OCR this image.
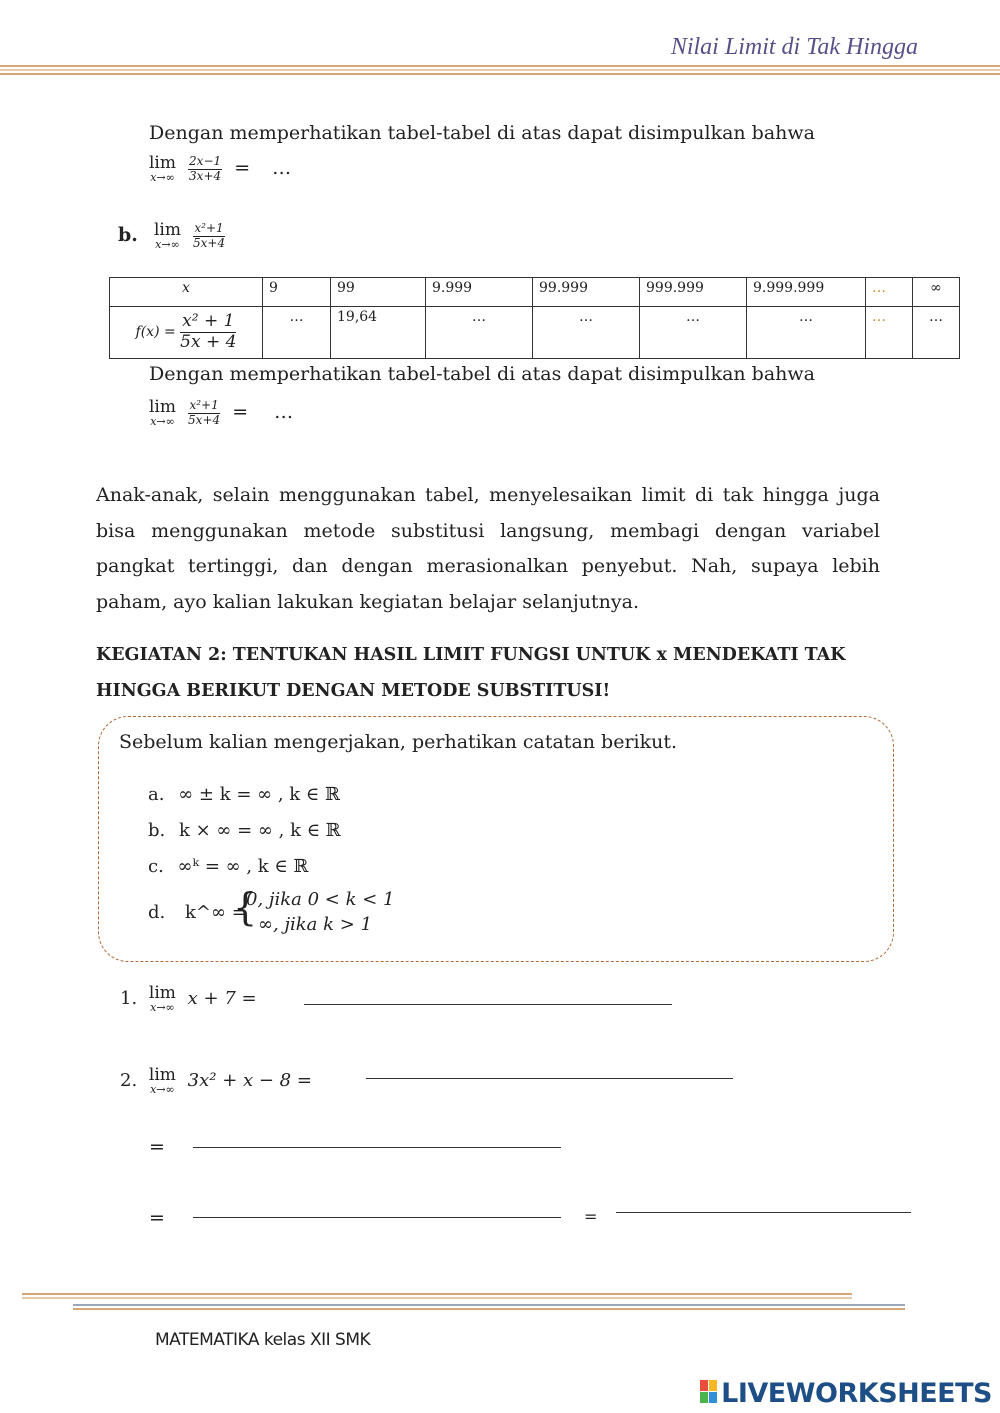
Nilai Limit di Tak Hingga
Dengan memperhatikan tabel-tabel di atas dapat disimpulkan bahwa
lim
x→∞
$\frac{2x-1}{3x+4}$ = …
b. lim
x→∞
$\frac{\text{x²+1}}{5x+4}$
x	9	99	9.999	99.999	999.999	9.999.999	…	∞
$f(x) = \frac{\text{x² + 1}}{5x + 4}$	…	19,64	…	…	…	…	…	…
Dengan memperhatikan tabel-tabel di atas dapat disimpulkan bahwa
lim
x→∞
$\frac{\text{x²+1}}{5x+4}$ = …
Anak-anak, selain menggunakan tabel, menyelesaikan limit di tak hingga juga bisa menggunakan metode substitusi langsung, membagi dengan variabel pangkat tertinggi, dan dengan merasionalkan penyebut. Nah, supaya lebih paham, ayo kalian lakukan kegiatan belajar selanjutnya.
KEGIATAN 2: TENTUKAN HASIL LIMIT FUNGSI UNTUK x MENDEKATI TAK
HINGGA BERIKUT DENGAN METODE SUBSTITUSI!
Sebelum kalian mengerjakan, perhatikan catatan berikut.
a. ∞ ± k = ∞ , k ∈ ℝ
b. k × ∞ = ∞ , k ∈ ℝ
c. ∞ᵏ = ∞ , k ∈ ℝ
d. k^∞ =
{
0, jika 0 < k < 1
∞, jika k > 1
1. lim
x→∞ x + 7 =
2. lim
x→∞ 3x² + x − 8 =
=
=	=
MATEMATIKA kelas XII SMK
LIVEWORKSHEETS
